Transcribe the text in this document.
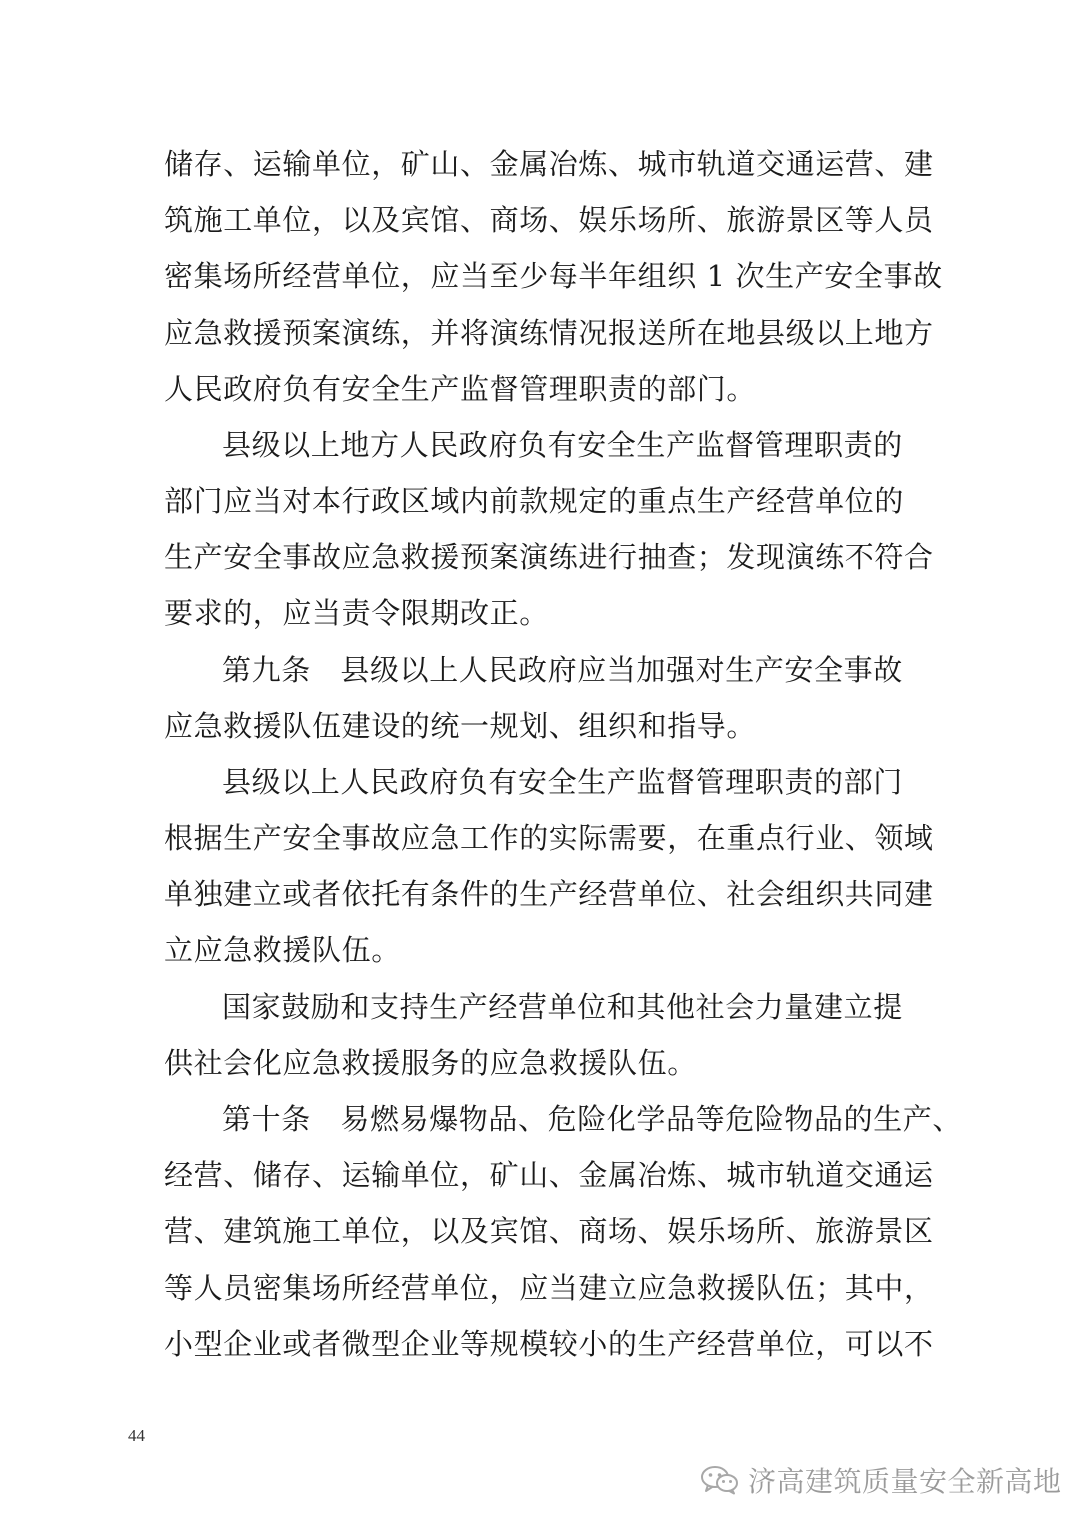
储存、运输单位，矿山、金属冶炼、城市轨道交通运营、建
筑施工单位，以及宾馆、商场、娱乐场所、旅游景区等人员
密集场所经营单位，应当至少每半年组织 1 次生产安全事故
应急救援预案演练，并将演练情况报送所在地县级以上地方
人民政府负有安全生产监督管理职责的部门。
县级以上地方人民政府负有安全生产监督管理职责的
部门应当对本行政区域内前款规定的重点生产经营单位的
生产安全事故应急救援预案演练进行抽查；发现演练不符合
要求的，应当责令限期改正。
第九条　县级以上人民政府应当加强对生产安全事故
应急救援队伍建设的统一规划、组织和指导。
县级以上人民政府负有安全生产监督管理职责的部门
根据生产安全事故应急工作的实际需要，在重点行业、领域
单独建立或者依托有条件的生产经营单位、社会组织共同建
立应急救援队伍。
国家鼓励和支持生产经营单位和其他社会力量建立提
供社会化应急救援服务的应急救援队伍。
第十条　易燃易爆物品、危险化学品等危险物品的生产、
经营、储存、运输单位，矿山、金属冶炼、城市轨道交通运
营、建筑施工单位，以及宾馆、商场、娱乐场所、旅游景区
等人员密集场所经营单位，应当建立应急救援队伍；其中，
小型企业或者微型企业等规模较小的生产经营单位，可以不
44
济高建筑质量安全新高地
